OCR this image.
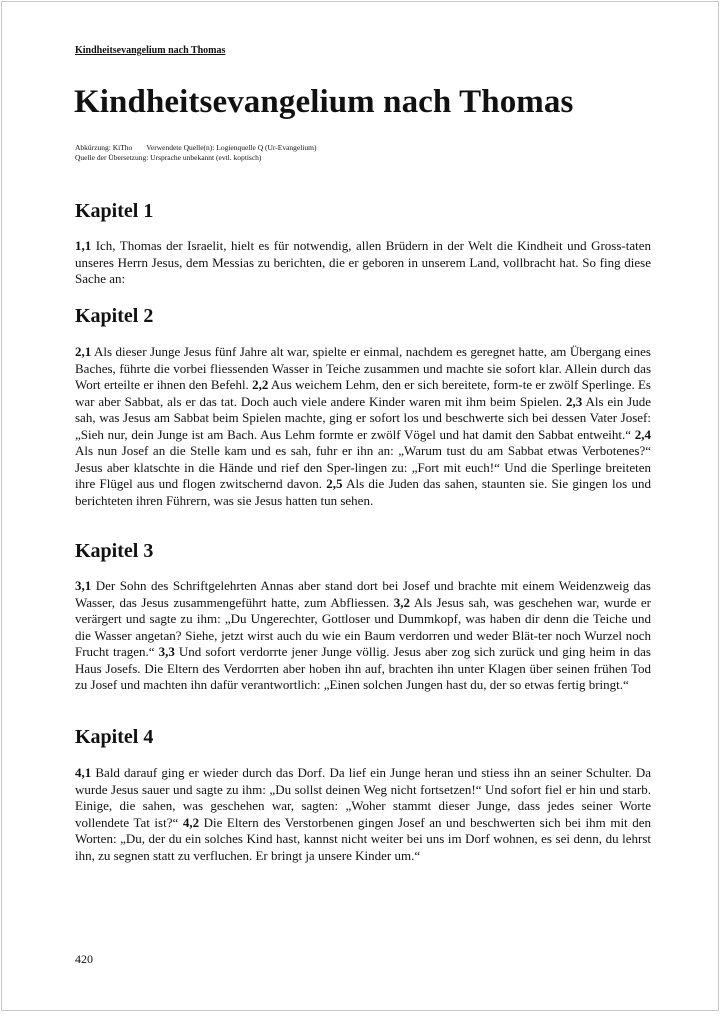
Kindheitsevangelium nach Thomas
Kindheitsevangelium nach Thomas
Abkürzung: KiTho Verwendete Quelle(n): Logienquelle Q (Ur-Evangelium)
Quelle der Übersetzung: Ursprache unbekannt (evtl. koptisch)
Kapitel 1

1,1 Ich, Thomas der Israelit, hielt es für notwendig, allen Brüdern in der Welt die Kindheit und Gross-taten unseres Herrn Jesus, dem Messias zu berichten, die er geboren in unserem Land, vollbracht hat. So fing diese Sache an:

Kapitel 2

2,1 Als dieser Junge Jesus fünf Jahre alt war, spielte er einmal, nachdem es geregnet hatte, am Übergang eines Baches, führte die vorbei fliessenden Wasser in Teiche zusammen und machte sie sofort klar. Allein durch das Wort erteilte er ihnen den Befehl. 2,2 Aus weichem Lehm, den er sich bereitete, form-te er zwölf Sperlinge. Es war aber Sabbat, als er das tat. Doch auch viele andere Kinder waren mit ihm beim Spielen. 2,3 Als ein Jude sah, was Jesus am Sabbat beim Spielen machte, ging er sofort los und beschwerte sich bei dessen Vater Josef: „Sieh nur, dein Junge ist am Bach. Aus Lehm formte er zwölf Vögel und hat damit den Sabbat entweiht.“ 2,4 Als nun Josef an die Stelle kam und es sah, fuhr er ihn an: „Warum tust du am Sabbat etwas Verbotenes?“ Jesus aber klatschte in die Hände und rief den Sper-lingen zu: „Fort mit euch!“ Und die Sperlinge breiteten ihre Flügel aus und flogen zwitschernd davon. 2,5 Als die Juden das sahen, staunten sie. Sie gingen los und berichteten ihren Führern, was sie Jesus hatten tun sehen.

Kapitel 3

3,1 Der Sohn des Schriftgelehrten Annas aber stand dort bei Josef und brachte mit einem Weidenzweig das Wasser, das Jesus zusammengeführt hatte, zum Abfliessen. 3,2 Als Jesus sah, was geschehen war, wurde er verärgert und sagte zu ihm: „Du Ungerechter, Gottloser und Dummkopf, was haben dir denn die Teiche und die Wasser angetan? Siehe, jetzt wirst auch du wie ein Baum verdorren und weder Blät-ter noch Wurzel noch Frucht tragen.“ 3,3 Und sofort verdorrte jener Junge völlig. Jesus aber zog sich zurück und ging heim in das Haus Josefs. Die Eltern des Verdorrten aber hoben ihn auf, brachten ihn unter Klagen über seinen frühen Tod zu Josef und machten ihn dafür verantwortlich: „Einen solchen Jungen hast du, der so etwas fertig bringt.“

Kapitel 4

4,1 Bald darauf ging er wieder durch das Dorf. Da lief ein Junge heran und stiess ihn an seiner Schulter. Da wurde Jesus sauer und sagte zu ihm: „Du sollst deinen Weg nicht fortsetzen!“ Und sofort fiel er hin und starb. Einige, die sahen, was geschehen war, sagten: „Woher stammt dieser Junge, dass jedes seiner Worte vollendete Tat ist?“ 4,2 Die Eltern des Verstorbenen gingen Josef an und beschwerten sich bei ihm mit den Worten: „Du, der du ein solches Kind hast, kannst nicht weiter bei uns im Dorf wohnen, es sei denn, du lehrst ihn, zu segnen statt zu verfluchen. Er bringt ja unsere Kinder um.“

420
